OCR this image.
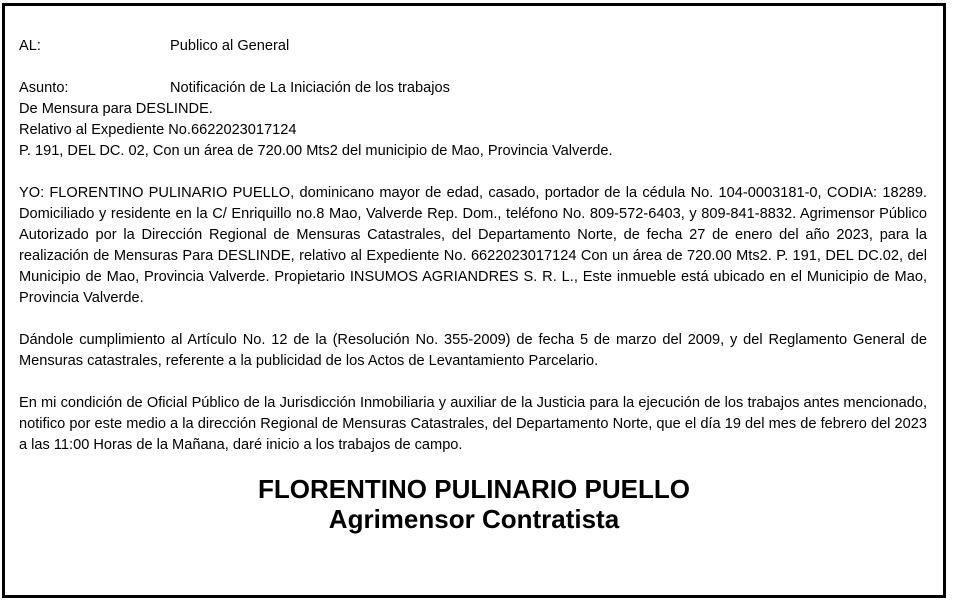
AL:	Publico al General
Asunto:	Notificación de La Iniciación de los trabajos
De Mensura para DESLINDE.
Relativo al Expediente No.6622023017124
P. 191, DEL DC. 02, Con un área de 720.00 Mts2 del municipio de Mao, Provincia Valverde.

YO: FLORENTINO PULINARIO PUELLO, dominicano mayor de edad, casado, portador de la cédula No. 104-0003181-0, CODIA: 18289. Domiciliado y residente en la C/ Enriquillo no.8 Mao, Valverde Rep. Dom., teléfono No. 809-572-6403, y 809-841-8832. Agrimensor Público Autorizado por la Dirección Regional de Mensuras Catastrales, del Departamento Norte, de fecha 27 de enero del año 2023, para la realización de Mensuras Para DESLINDE, relativo al Expediente No. 6622023017124 Con un área de 720.00 Mts2. P. 191, DEL DC.02, del Municipio de Mao, Provincia Valverde. Propietario INSUMOS AGRIANDRES S. R. L., Este inmueble está ubicado en el Municipio de Mao, Provincia Valverde.

Dándole cumplimiento al Artículo No. 12 de la (Resolución No. 355-2009) de fecha 5 de marzo del 2009, y del Reglamento General de Mensuras catastrales, referente a la publicidad de los Actos de Levantamiento Parcelario.

En mi condición de Oficial Público de la Jurisdicción Inmobiliaria y auxiliar de la Justicia para la ejecución de los trabajos antes mencionado, notifico por este medio a la dirección Regional de Mensuras Catastrales, del Departamento Norte, que el día 19 del mes de febrero del 2023 a las 11:00 Horas de la Mañana, daré inicio a los trabajos de campo.

FLORENTINO PULINARIO PUELLO
Agrimensor Contratista
